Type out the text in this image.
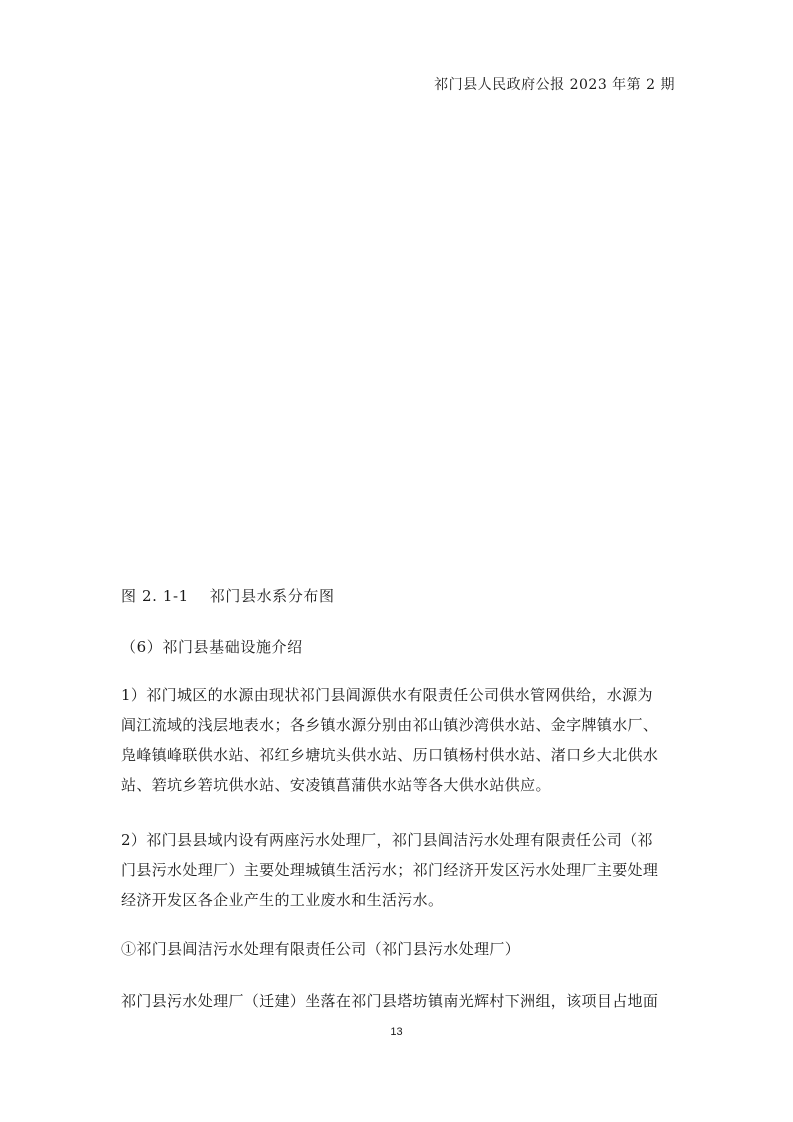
祁门县人民政府公报 2023 年第 2 期
图 2. 1-1　 祁门县水系分布图
（6）祁门县基础设施介绍
1）祁门城区的水源由现状祁门县阊源供水有限责任公司供水管网供给，水源为
阊江流域的浅层地表水；各乡镇水源分别由祁山镇沙湾供水站、金字牌镇水厂、
凫峰镇峰联供水站、祁红乡塘坑头供水站、历口镇杨村供水站、渚口乡大北供水
站、箬坑乡箬坑供水站、安凌镇菖蒲供水站等各大供水站供应。
2）祁门县县域内设有两座污水处理厂，祁门县阊洁污水处理有限责任公司（祁
门县污水处理厂）主要处理城镇生活污水；祁门经济开发区污水处理厂主要处理
经济开发区各企业产生的工业废水和生活污水。
①祁门县阊洁污水处理有限责任公司（祁门县污水处理厂）
祁门县污水处理厂（迁建）坐落在祁门县塔坊镇南光辉村下洲组，该项目占地面
13
